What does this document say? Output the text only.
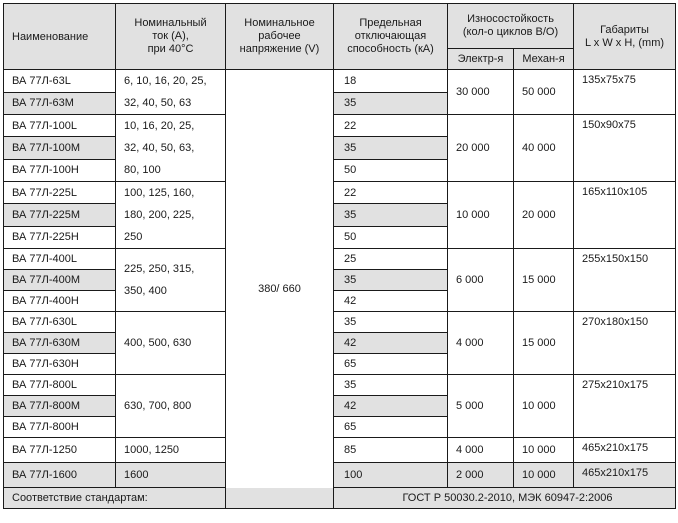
Наименование	Номинальный
ток (А),
при 40°С	Номинальное
рабочее
напряжение (V)	Предельная
отключающая
способность (кА)	Износостойкость
(кол-о циклов В/О)		Габариты
L x W x H, (mm)
				Электр-я	Механ-я	
ВА 77Л-63L	6, 10, 16, 20, 25,
32, 40, 50, 63	380/ 660	18	30 000	50 000	135x75x75
ВА 77Л-63M			35			
ВА 77Л-100L	10, 16, 20, 25,
32, 40, 50, 63,
80, 100		22	20 000	40 000	150x90x75
ВА 77Л-100M			35			
ВА 77Л-100H			50			
ВА 77Л-225L	100, 125, 160,
180, 200, 225,
250		22	10 000	20 000	165x110x105
ВА 77Л-225M			35			
ВА 77Л-225H			50			
ВА 77Л-400L	225, 250, 315,
350, 400		25	6 000	15 000	255x150x150
ВА 77Л-400M			35			
ВА 77Л-400H			42			
ВА 77Л-630L	400, 500, 630		35	4 000	15 000	270x180x150
ВА 77Л-630M			42			
ВА 77Л-630H			65			
ВА 77Л-800L	630, 700, 800		35	5 000	10 000	275x210x175
ВА 77Л-800M			42			
ВА 77Л-800H			65			
ВА 77Л-1250	1000, 1250		85	4 000	10 000	465x210x175
ВА 77Л-1600	1600		100	2 000	10 000	465x210x175
Соответствие стандартам:			ГОСТ Р 50030.2-2010, МЭК 60947-2:2006			
